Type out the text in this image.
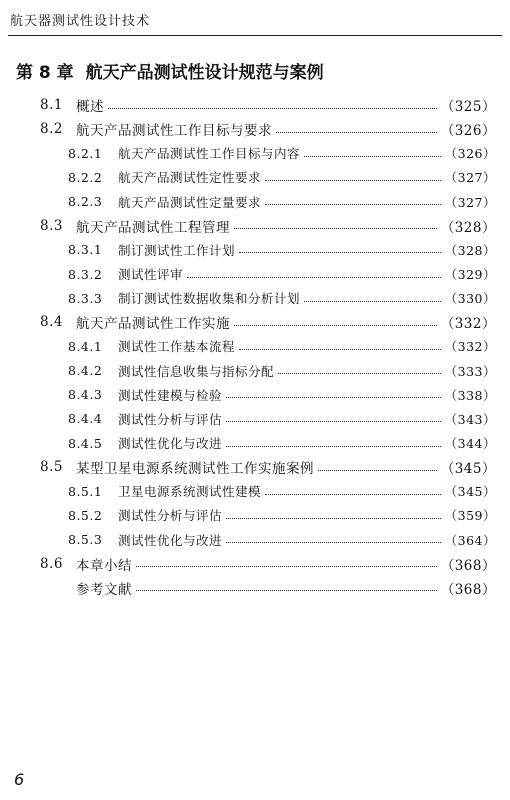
航天器测试性设计技术
第 8 章 航天产品测试性设计规范与案例
8.1 概述	（325）
8.2 航天产品测试性工作目标与要求	（326）
8.2.1	航天产品测试性工作目标与内容	（326）
8.2.2	航天产品测试性定性要求	（327）
8.2.3	航天产品测试性定量要求	（327）
8.3 航天产品测试性工程管理	（328）
8.3.1	制订测试性工作计划	（328）
8.3.2	测试性评审	（329）
8.3.3	制订测试性数据收集和分析计划	（330）
8.4 航天产品测试性工作实施	（332）
8.4.1	测试性工作基本流程	（332）
8.4.2	测试性信息收集与指标分配	（333）
8.4.3	测试性建模与检验	（338）
8.4.4	测试性分析与评估	（343）
8.4.5	测试性优化与改进	（344）
8.5 某型卫星电源系统测试性工作实施案例	（345）
8.5.1	卫星电源系统测试性建模	（345）
8.5.2	测试性分析与评估	（359）
8.5.3	测试性优化与改进	（364）
8.6 本章小结	（368）
参考文献	（368）
6
